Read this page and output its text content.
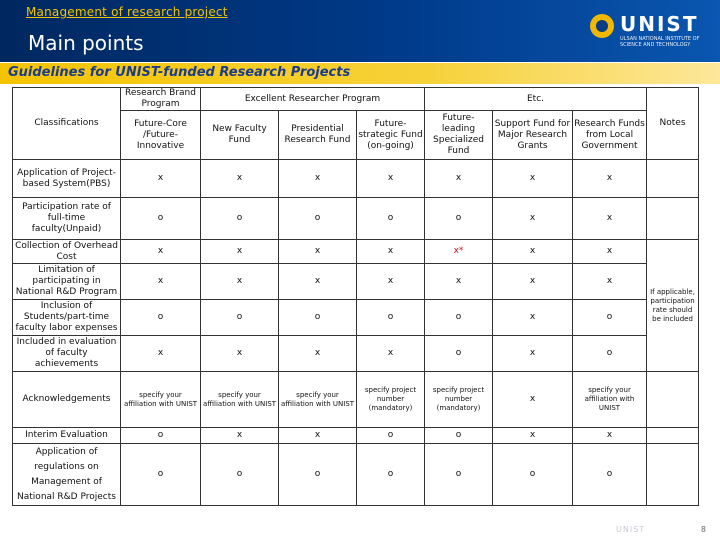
Management of research project
Main points
UNIST
ULSAN NATIONAL INSTITUTE OF SCIENCE AND TECHNOLOGY
Guidelines for UNIST-funded Research Projects
Classifications	Research Brand Program	Excellent Researcher Program			Etc.			Notes
	Future-Core /Future-Innovative	New Faculty Fund	Presidential Research Fund	Future-strategic Fund (on-going)	Future-leading Specialized Fund	Support Fund for Major Research Grants	Research Funds from Local Government	
Application of Project-based System(PBS)	x	x	x	x	x	x	x	
Participation rate of full-time faculty(Unpaid)	o	o	o	o	o	x	x	
Collection of Overhead Cost	x	x	x	x	x*	x	x	If applicable, participation rate should be included
Limitation of participating in National R&D Program	x	x	x	x	x	x	x	
Inclusion of Students/part-time faculty labor expenses	o	o	o	o	o	x	o	
Included in evaluation of faculty achievements	x	x	x	x	o	x	o	
Acknowledgements	specify your affiliation with UNIST	specify your affiliation with UNIST	specify your affiliation with UNIST	specify project number (mandatory)	specify project number (mandatory)	x	specify your affiliation with UNIST	
Interim Evaluation	o	x	x	o	o	x	x	
Application of regulations on Management of National R&D Projects	o	o	o	o	o	o	o	
UNIST	8
